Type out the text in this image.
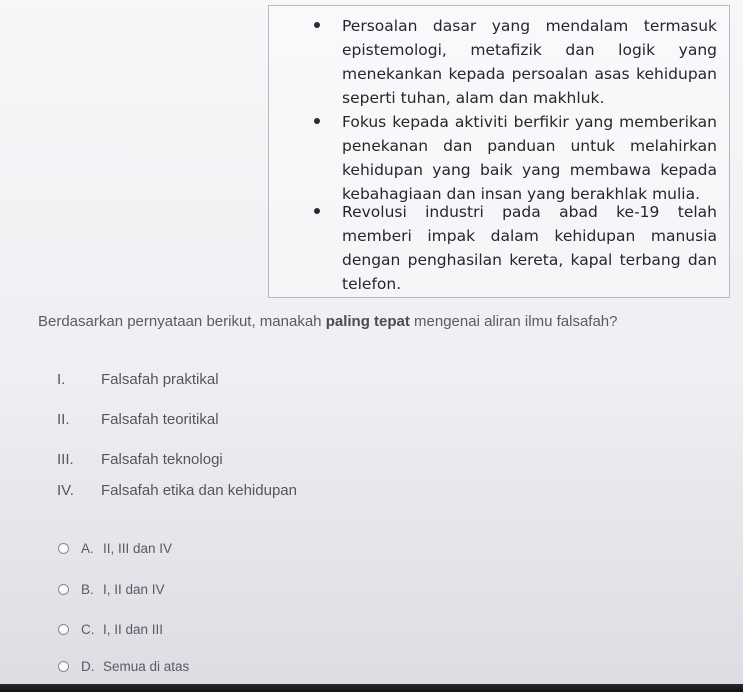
Persoalan dasar yang mendalam termasuk epistemologi, metafizik dan logik yang menekankan kepada persoalan asas kehidupan seperti tuhan, alam dan makhluk.
Fokus kepada aktiviti berfikir yang memberikan penekanan dan panduan untuk melahirkan kehidupan yang baik yang membawa kepada kebahagiaan dan insan yang berakhlak mulia.
Revolusi industri pada abad ke-19 telah memberi impak dalam kehidupan manusia dengan penghasilan kereta, kapal terbang dan telefon.
Berdasarkan pernyataan berikut, manakah paling tepat mengenai aliran ilmu falsafah?
I.	Falsafah praktikal
II.	Falsafah teoritikal
III.	Falsafah teknologi
IV.	Falsafah etika dan kehidupan
A. II, III dan IV
B. I, II dan IV
C. I, II dan III
D. Semua di atas
